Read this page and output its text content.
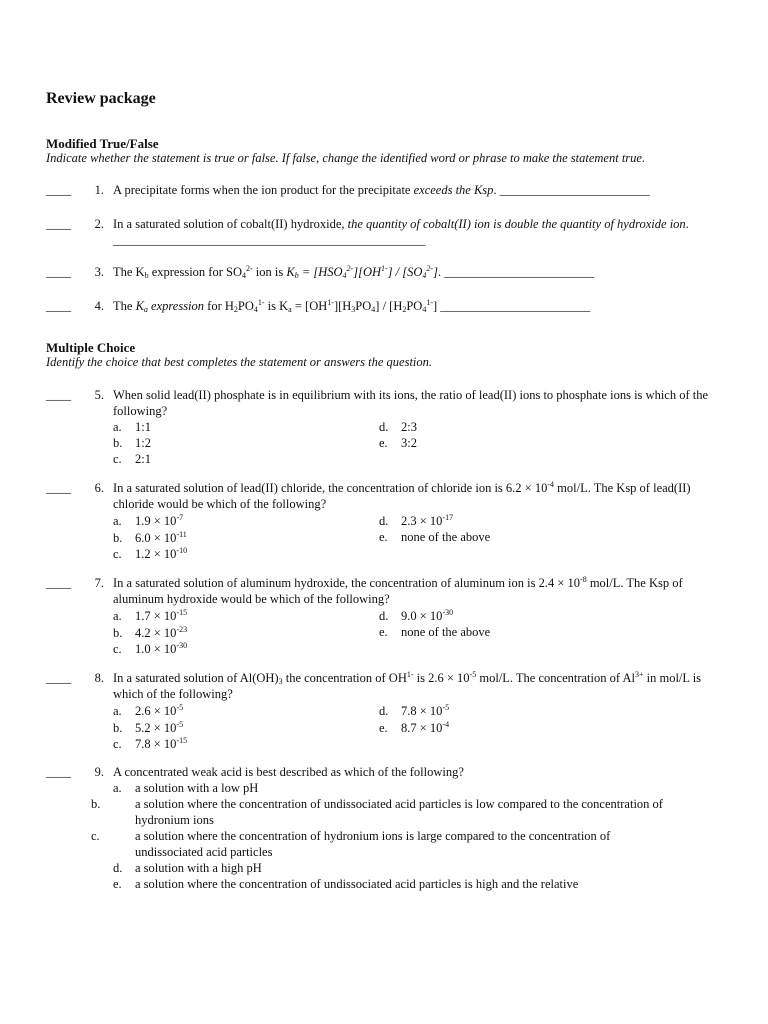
Review package
Modified True/False
Indicate whether the statement is true or false. If false, change the identified word or phrase to make the statement true.
____	1. A precipitate forms when the ion product for the precipitate exceeds the Ksp. ________________________
____	2. In a saturated solution of cobalt(II) hydroxide, the quantity of cobalt(II) ion is double the quantity of hydroxide ion. __________________________________________________
____	3. The $K_b$ expression for $SO_4^{2-}$ ion is $K_b = [HSO_4^{2-}][OH^{1-}] / [SO_4^{2-}]$. ________________________
____	4. The $K_a$ expression for $H_2PO_4^{1-}$ is $K_a = [OH^{1-}][H_3PO_4] / [H_2PO_4^{1-}]$ ________________________
Multiple Choice
Identify the choice that best completes the statement or answers the question.
____	5. When solid lead(II) phosphate is in equilibrium with its ions, the ratio of lead(II) ions to phosphate ions is which of the following?
a. 1:1
b. 1:2
c. 2:1
d. 2:3
e. 3:2
____	6. In a saturated solution of lead(II) chloride, the concentration of chloride ion is $6.2 \times 10^{-4}$ mol/L. The Ksp of lead(II) chloride would be which of the following?
a. $1.9 \times 10^{-7}$
b. $6.0 \times 10^{-11}$
c. $1.2 \times 10^{-10}$
d. $2.3 \times 10^{-17}$
e. none of the above
____	7. In a saturated solution of aluminum hydroxide, the concentration of aluminum ion is $2.4 \times 10^{-8}$ mol/L. The Ksp of aluminum hydroxide would be which of the following?
a. $1.7 \times 10^{-15}$
b. $4.2 \times 10^{-23}$
c. $1.0 \times 10^{-30}$
d. $9.0 \times 10^{-30}$
e. none of the above
____	8. In a saturated solution of $Al(OH)_3$ the concentration of $OH^{1-}$ is $2.6 \times 10^{-5}$ mol/L. The concentration of $Al^{3+}$ in mol/L is which of the following?
a. $2.6 \times 10^{-5}$
b. $5.2 \times 10^{-5}$
c. $7.8 \times 10^{-15}$
d. $7.8 \times 10^{-5}$
e. $8.7 \times 10^{-4}$
____	9. A concentrated weak acid is best described as which of the following?
a. a solution with a low pH
b.	a solution where the concentration of undissociated acid particles is low compared to the concentration of hydronium ions
c.	a solution where the concentration of hydronium ions is large compared to the concentration of undissociated acid particles
d. a solution with a high pH
e. a solution where the concentration of undissociated acid particles is high and the relative
